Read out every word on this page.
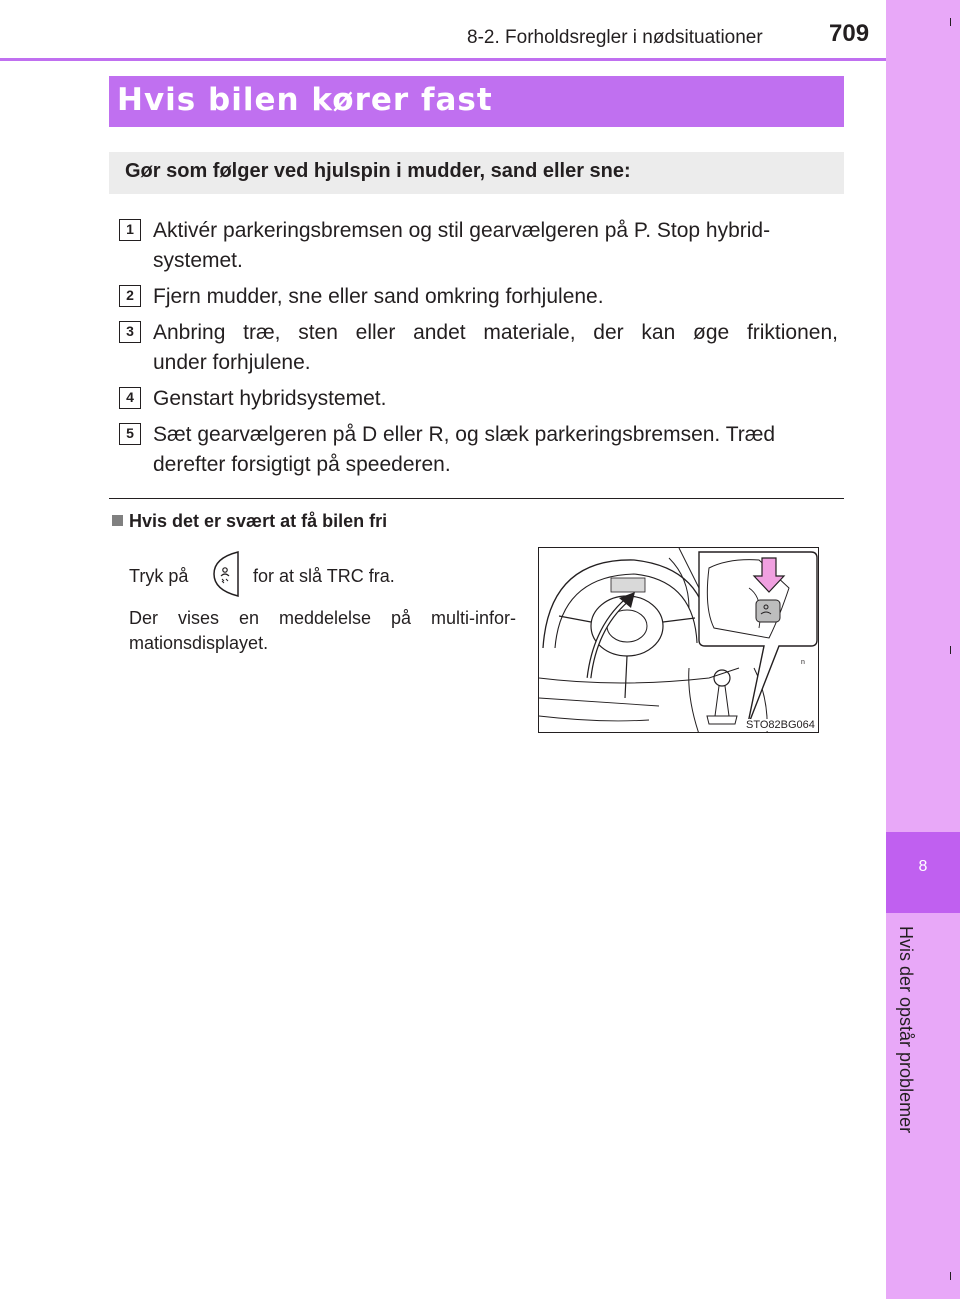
8
Hvis der opstår problemer
8-2. Forholdsregler i nødsituationer	709
Hvis bilen kører fast
Gør som følger ved hjulspin i mudder, sand eller sne:
1 Aktivér parkeringsbremsen og stil gearvælgeren på P. Stop hybrid-
systemet.
2 Fjern mudder, sne eller sand omkring forhjulene.
3 Anbring træ, sten eller andet materiale, der kan øge friktionen,
under forhjulene.
4 Genstart hybridsystemet.
5 Sæt gearvælgeren på D eller R, og slæk parkeringsbremsen. Træd
derefter forsigtigt på speederen.
Hvis det er svært at få bilen fri
Tryk på	for at slå TRC fra.
Der vises en meddelelse på multi-infor-
mationsdisplayet.
n
STO82BG064
carmanualsonline.info
